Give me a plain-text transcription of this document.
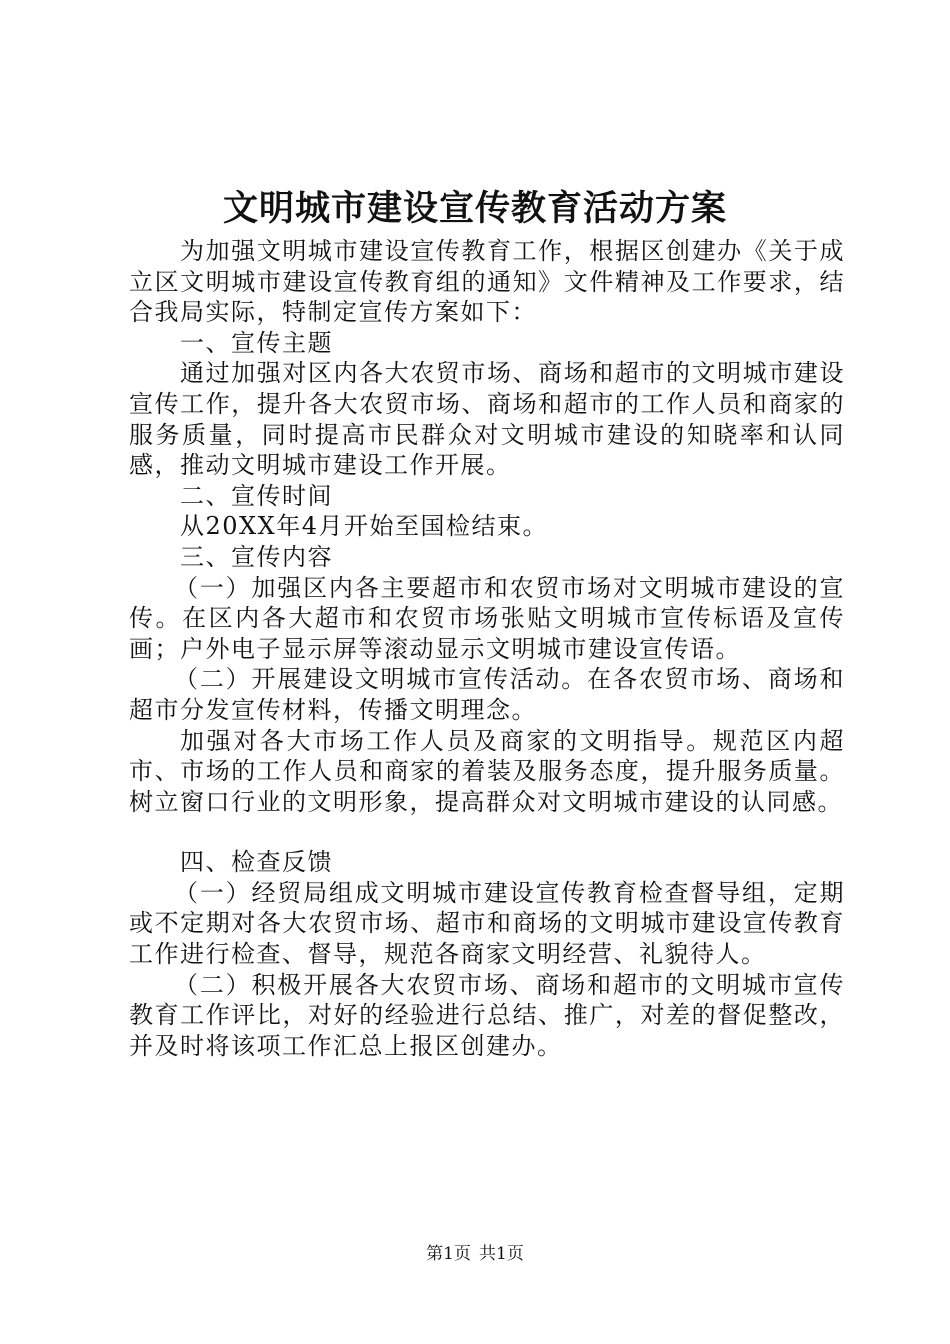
文明城市建设宣传教育活动方案

为加强文明城市建设宣传教育工作，根据区创建办《关于成立区文明城市建设宣传教育组的通知》文件精神及工作要求，结合我局实际，特制定宣传方案如下：

一、宣传主题

通过加强对区内各大农贸市场、商场和超市的文明城市建设宣传工作，提升各大农贸市场、商场和超市的工作人员和商家的服务质量，同时提高市民群众对文明城市建设的知晓率和认同感，推动文明城市建设工作开展。

二、宣传时间

从20XX年4月开始至国检结束。

三、宣传内容

（一）加强区内各主要超市和农贸市场对文明城市建设的宣传。在区内各大超市和农贸市场张贴文明城市宣传标语及宣传画；户外电子显示屏等滚动显示文明城市建设宣传语。

（二）开展建设文明城市宣传活动。在各农贸市场、商场和超市分发宣传材料，传播文明理念。

加强对各大市场工作人员及商家的文明指导。规范区内超市、市场的工作人员和商家的着装及服务态度，提升服务质量。树立窗口行业的文明形象，提高群众对文明城市建设的认同感。

四、检查反馈

（一）经贸局组成文明城市建设宣传教育检查督导组，定期或不定期对各大农贸市场、超市和商场的文明城市建设宣传教育工作进行检查、督导，规范各商家文明经营、礼貌待人。

（二）积极开展各大农贸市场、商场和超市的文明城市宣传教育工作评比，对好的经验进行总结、推广，对差的督促整改，并及时将该项工作汇总上报区创建办。

第1页 共1页
